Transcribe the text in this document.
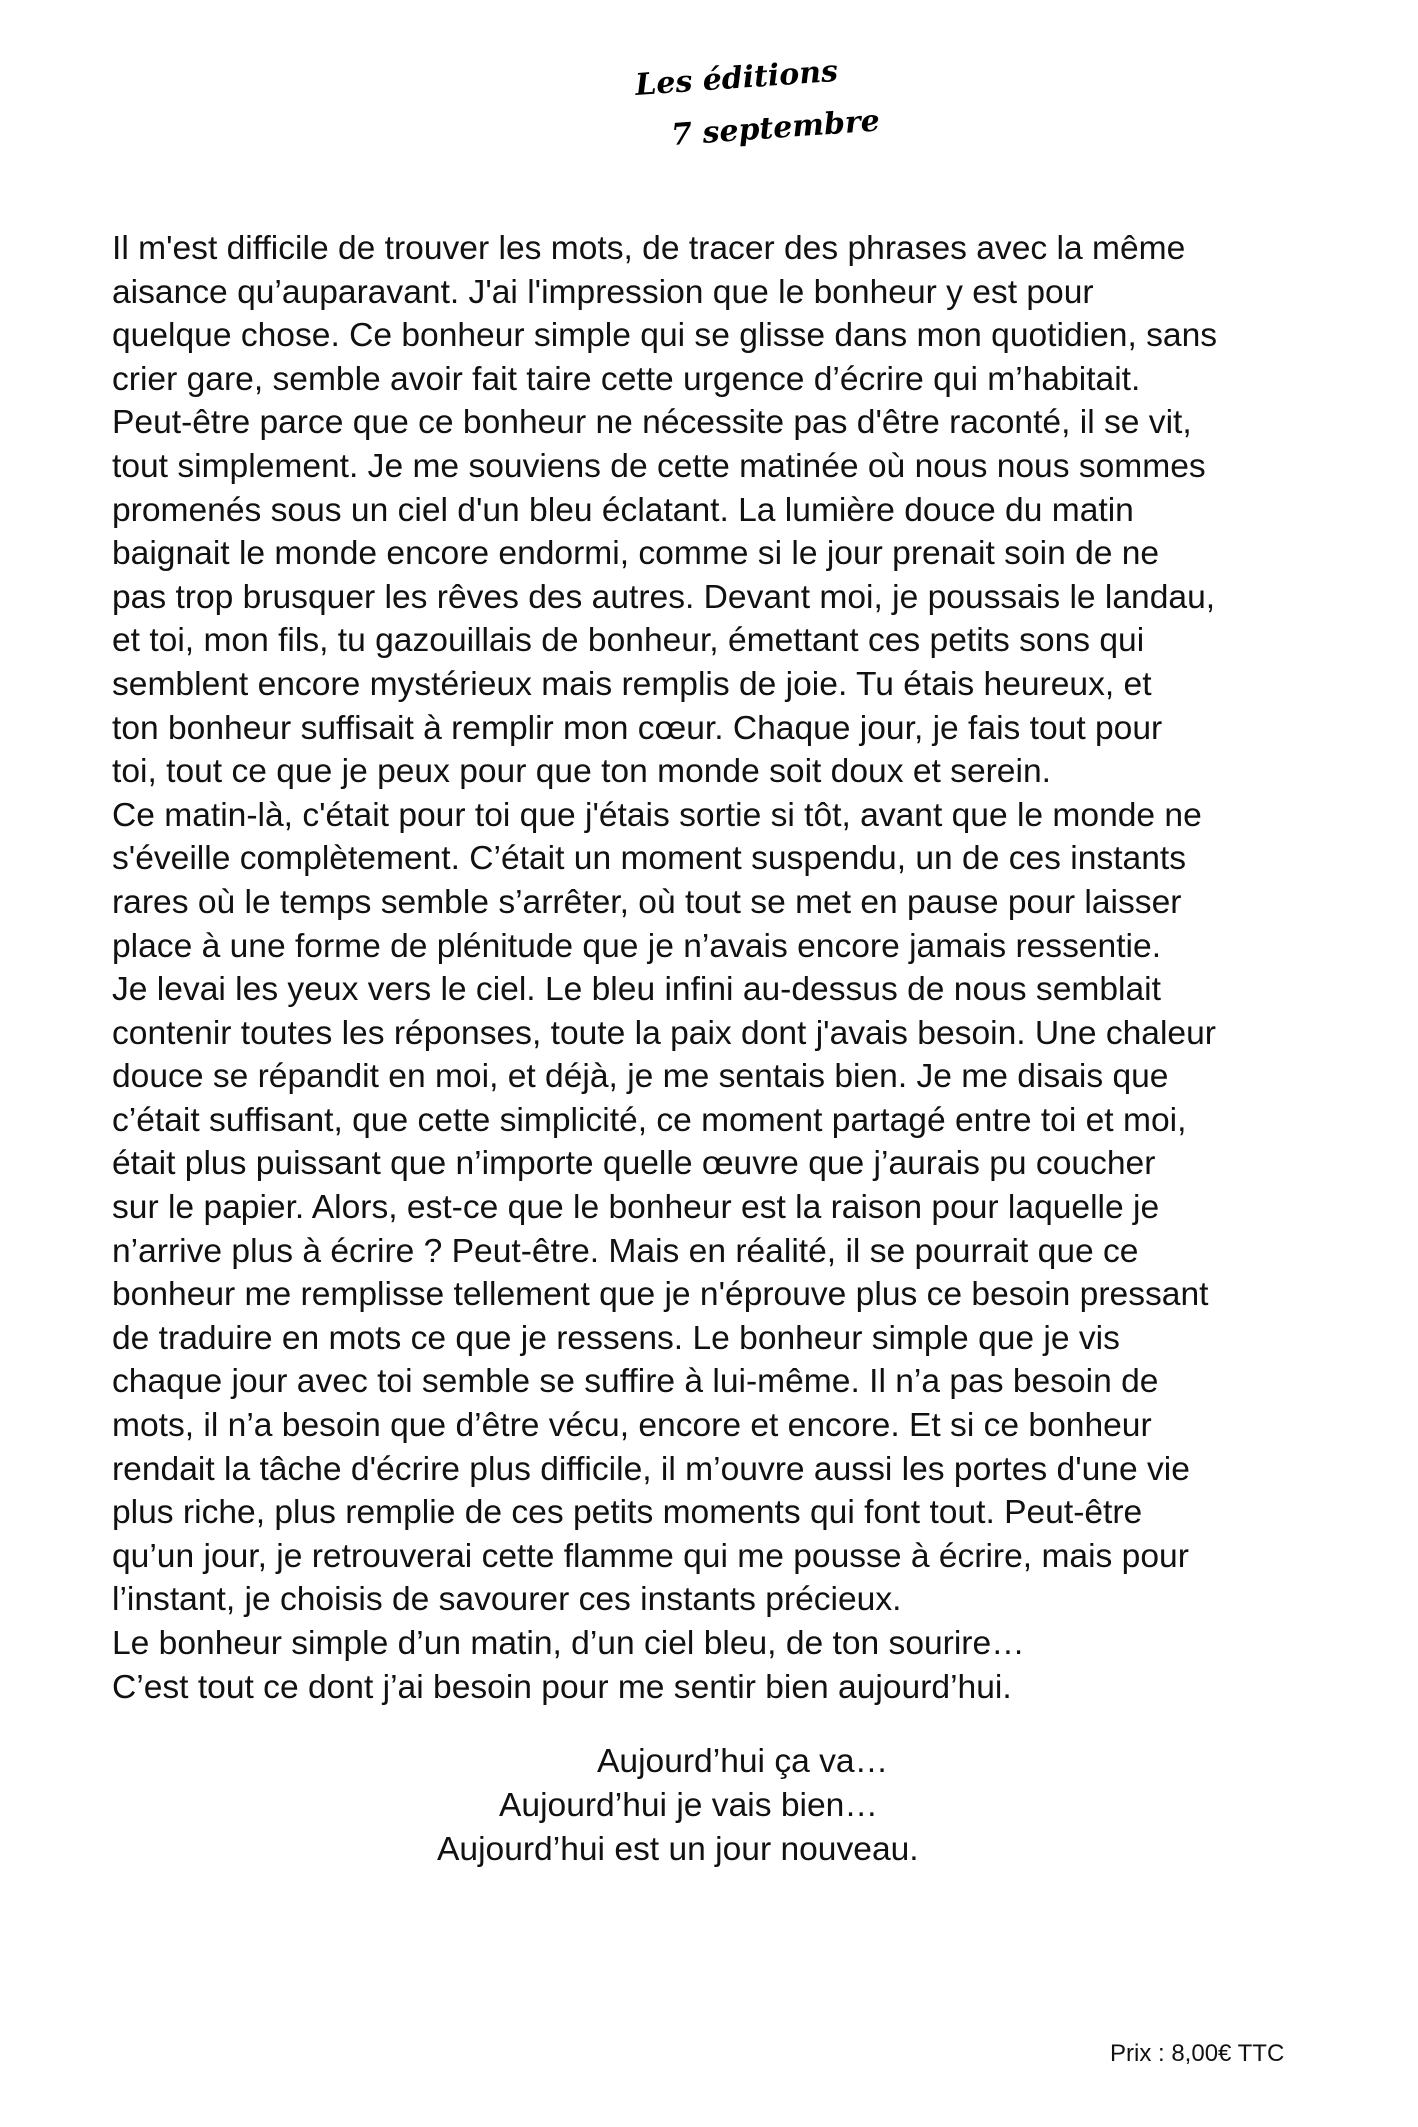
Les éditions
7 septembre
Il m'est difficile de trouver les mots, de tracer des phrases avec la même
aisance qu’auparavant. J'ai l'impression que le bonheur y est pour
quelque chose. Ce bonheur simple qui se glisse dans mon quotidien, sans
crier gare, semble avoir fait taire cette urgence d’écrire qui m’habitait.
Peut-être parce que ce bonheur ne nécessite pas d'être raconté, il se vit,
tout simplement. Je me souviens de cette matinée où nous nous sommes
promenés sous un ciel d'un bleu éclatant. La lumière douce du matin
baignait le monde encore endormi, comme si le jour prenait soin de ne
pas trop brusquer les rêves des autres. Devant moi, je poussais le landau,
et toi, mon fils, tu gazouillais de bonheur, émettant ces petits sons qui
semblent encore mystérieux mais remplis de joie. Tu étais heureux, et
ton bonheur suffisait à remplir mon cœur. Chaque jour, je fais tout pour
toi, tout ce que je peux pour que ton monde soit doux et serein.
Ce matin-là, c'était pour toi que j'étais sortie si tôt, avant que le monde ne
s'éveille complètement. C’était un moment suspendu, un de ces instants
rares où le temps semble s’arrêter, où tout se met en pause pour laisser
place à une forme de plénitude que je n’avais encore jamais ressentie.
Je levai les yeux vers le ciel. Le bleu infini au-dessus de nous semblait
contenir toutes les réponses, toute la paix dont j'avais besoin. Une chaleur
douce se répandit en moi, et déjà, je me sentais bien. Je me disais que
c’était suffisant, que cette simplicité, ce moment partagé entre toi et moi,
était plus puissant que n’importe quelle œuvre que j’aurais pu coucher
sur le papier. Alors, est-ce que le bonheur est la raison pour laquelle je
n’arrive plus à écrire ? Peut-être. Mais en réalité, il se pourrait que ce
bonheur me remplisse tellement que je n'éprouve plus ce besoin pressant
de traduire en mots ce que je ressens. Le bonheur simple que je vis
chaque jour avec toi semble se suffire à lui-même. Il n’a pas besoin de
mots, il n’a besoin que d’être vécu, encore et encore. Et si ce bonheur
rendait la tâche d'écrire plus difficile, il m’ouvre aussi les portes d'une vie
plus riche, plus remplie de ces petits moments qui font tout. Peut-être
qu’un jour, je retrouverai cette flamme qui me pousse à écrire, mais pour
l’instant, je choisis de savourer ces instants précieux.
Le bonheur simple d’un matin, d’un ciel bleu, de ton sourire…
C’est tout ce dont j’ai besoin pour me sentir bien aujourd’hui.
Aujourd’hui ça va…
Aujourd’hui je vais bien…
Aujourd’hui est un jour nouveau.
Prix : 8,00€ TTC
